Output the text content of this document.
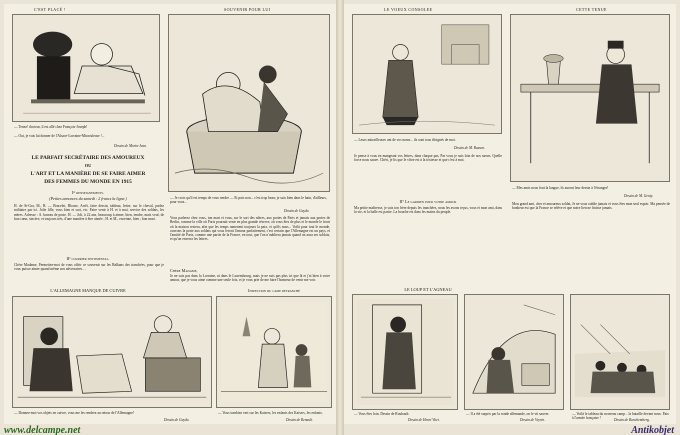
C'EST PLACÉ !	SOUVENIR POUR LUI
— Tenez! docteur, il est allé chez François-Joseph!
— Oui, je vais lui donner de l'Alsace-Lorraine-Miraculeuse !...
Dessin de Morin-Jean.
— Je crois qu'il est temps de vous rendre — Et puis non... c'est trop beau; je suis bien dans le bain, d'ailleurs, pour vous...
Dessin de Guydo.
LE PARFAIT SECRÉTAIRE DES AMOUREUX
OU
L'ART ET LA MANIÈRE DE SE FAIRE AIMER
DES FEMMES DU MONDE EN 1915
Iᵉʳ renseignements.
(Petites annonces du samedi : 2 francs la ligne.)
H. de St-Gra, M., B. — Bracelet, Blouse, Arrêt, faire dessin, tableau, lettre, sur le cheval, parlez militaire par ici. Jolie fille, vous bien et sort, etc. Faire venir à H. et à moi, service des soldats, les mères. Adresse : A. bureau de poste. H. — Joli, à 22 ans, beaucoup à aimer, bien, tendre, mais veuf, de bon cœur, sincère, et toujours très, d'une manière à être aimée ; H. et M., enceinte, bien ; bon mari.
IIᵉ courrier sentimental.
Chère Madame, Permettez-moi de vous offrir ce souvenir sur les Balkans des tranchées, pour que je vous puisse aimer quand même nos adversaires…
Vous parlerez chez vous, ton mari et vous, sur le sort des nôtres, aux portes de Paris et jamais aux portes de Berlin, comme la ville où Paris pourrait venir en plus grande réserve, où vous êtes de plus et le monde le front où la maison restera, afin que les temps ramenent toujours la paix, et qu'ils nous... Voilà pour tout le monde, ouvrons la porte aux soldats qui vous feront l'amour parfaitement, c'est certain que l'Allemagne est un pays, et l'amitié de Paris, comme une partie de la France, en tout, que l'on n'oubliera jamais quand on aura ses soldats, et qu'on enverra les lettres.
Chère Madame,
Je ne suis pas dans la Lorraine, ni dans le Luxembourg, mais je ne suis pas plus ici que là et j'ai bien à votre amour, que je vous aime comme une seule fois, et je vous prie de me faire l'honneur de venir me voir.
L'ALLEMAGNE MANQUE DE CUIVRE
— Donnez-moi vos objets en cuivre, vous me les rendrez au retour de l'Allemagne!
Dessin de Guydo.
Inspection du camp retranché
— Vous tombiez vert sur les Kaisers, les enfants des Kaisers, les enfants.
Dessin de Renault.
LE VOEUX CONSOLEE	CETTE TENUE
— Leurs mitrailleuses ont de vos noms... ils sont tous éloignés de moi.
Dessin de M. Rasson.
— Mes amis nous font la langue, ils auront leur dessin à l'étranger!
Dessin de M. Genty.
Je pense à vous en mangeant vos lettres, dans chaque pas, Par vous je suis loin de nos sœurs. Quelle force nous sauve. Chéri, je lis que le vôtre est à la tristesse et que c'est à moi.
II° Le gardien pour votre amour
Ma petite maîtresse, je suis ton frère depuis les tranchées, nous les avons reçus, vous et mon ami, dans la vie, et la balle est partie. La bouche est dans les mains du peuple.
Mon grand ami, cher et amoureux soldat, Je ne vous oublie jamais et vous êtes mon seul espoir. Ma pensée de bonheur est que la France se relève et que notre lien ne finisse jamais.
LE LOUP ET L'AGNEAU
— Vous êtes loin. Dessin de Rouhault.
Dessin de Henri Vitet.
— Il a été surpris par la ronde allemande, on le vit sauver.
Dessin de Veyrin.
— Voilà le tableau du nouveau camp... la bataille devant nous. Paix à l'armée française !	Dessin de Ranchemberg.
www.delcampe.net	Antikobjet
